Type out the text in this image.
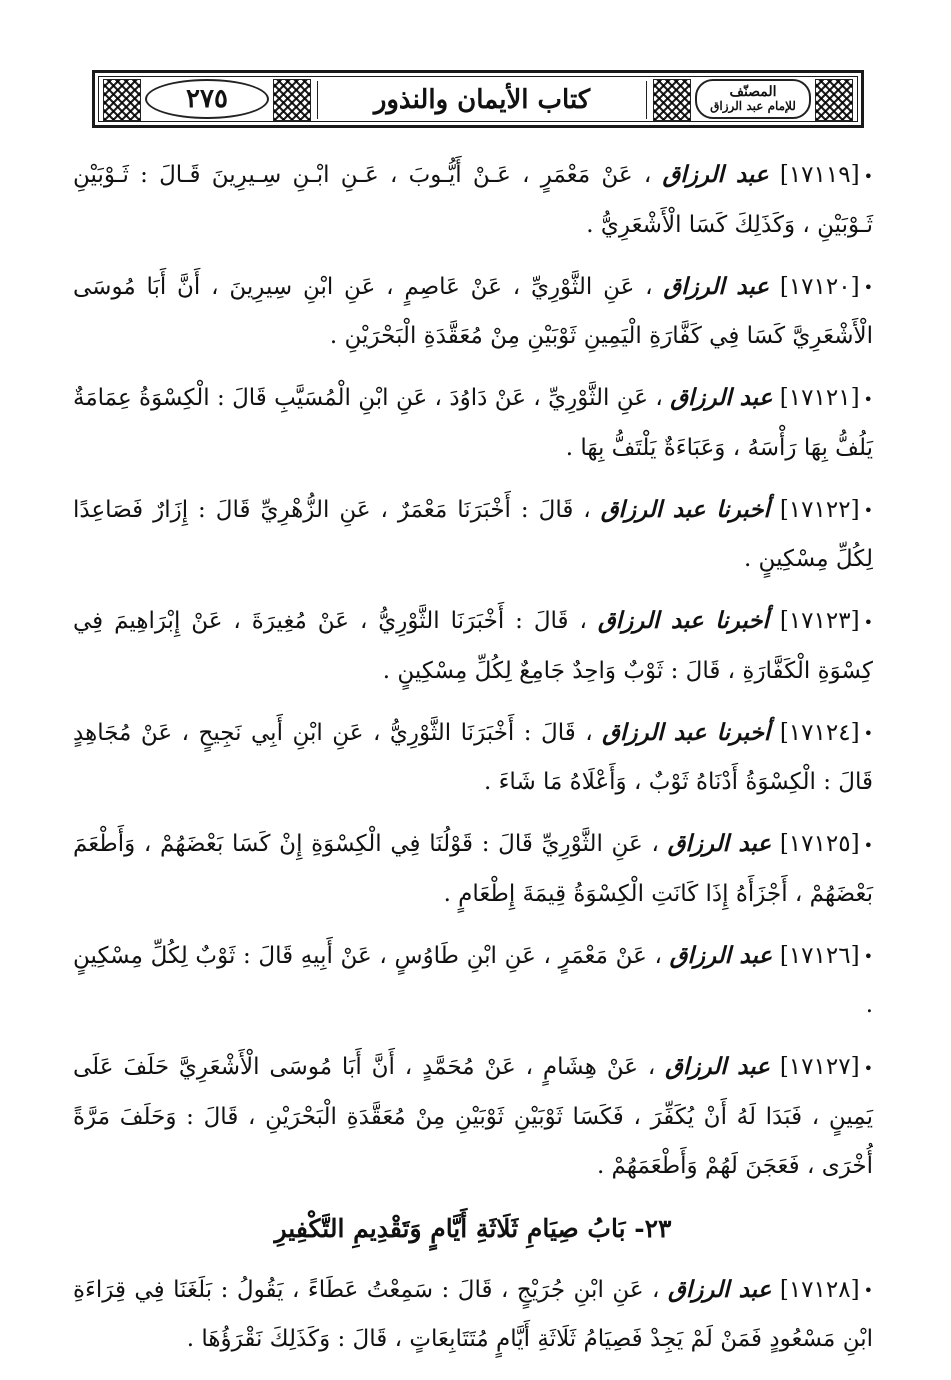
٢٧٥	كتاب الأيمان والنذور	المصنّف
للإمام عبد الرزاق

•[١٧١١٩] عبد الرزاق ، عَنْ مَعْمَرٍ ، عَـنْ أَيُّـوبَ ، عَـنِ ابْـنِ سِـيرِينَ قَـالَ : ثَـوْبَيْنِ ثَـوْبَيْنِ ، وَكَذَلِكَ كَسَا الْأَشْعَرِيُّ .

•[١٧١٢٠] عبد الرزاق ، عَنِ الثَّوْرِيِّ ، عَنْ عَاصِمٍ ، عَنِ ابْنِ سِيرِينَ ، أَنَّ أَبَا مُوسَى الْأَشْعَرِيَّ كَسَا فِي كَفَّارَةِ الْيَمِينِ ثَوْبَيْنِ مِنْ مُعَقَّدَةِ الْبَحْرَيْنِ .

•[١٧١٢١] عبد الرزاق ، عَنِ الثَّوْرِيِّ ، عَنْ دَاوُدَ ، عَنِ ابْنِ الْمُسَيَّبِ قَالَ : الْكِسْوَةُ عِمَامَةٌ يَلُفُّ بِهَا رَأْسَهُ ، وَعَبَاءَةٌ يَلْتَفُّ بِهَا .

•[١٧١٢٢] أخبرنا عبد الرزاق ، قَالَ : أَخْبَرَنَا مَعْمَرٌ ، عَنِ الزُّهْرِيِّ قَالَ : إِزَارٌ فَصَاعِدًا لِكُلِّ مِسْكِينٍ .

•[١٧١٢٣] أخبرنا عبد الرزاق ، قَالَ : أَخْبَرَنَا الثَّوْرِيُّ ، عَنْ مُغِيرَةَ ، عَنْ إِبْرَاهِيمَ فِي كِسْوَةِ الْكَفَّارَةِ ، قَالَ : ثَوْبٌ وَاحِدٌ جَامِعٌ لِكُلِّ مِسْكِينٍ .

•[١٧١٢٤] أخبرنا عبد الرزاق ، قَالَ : أَخْبَرَنَا الثَّوْرِيُّ ، عَنِ ابْنِ أَبِي نَجِيحٍ ، عَنْ مُجَاهِدٍ قَالَ : الْكِسْوَةُ أَدْنَاهُ ثَوْبٌ ، وَأَعْلَاهُ مَا شَاءَ .

•[١٧١٢٥] عبد الرزاق ، عَنِ الثَّوْرِيِّ قَالَ : قَوْلُنَا فِي الْكِسْوَةِ إِنْ كَسَا بَعْضَهُمْ ، وَأَطْعَمَ بَعْضَهُمْ ، أَجْزَأَهُ إِذَا كَانَتِ الْكِسْوَةُ قِيمَةَ إِطْعَامٍ .

•[١٧١٢٦] عبد الرزاق ، عَنْ مَعْمَرٍ ، عَنِ ابْنِ طَاوُسٍ ، عَنْ أَبِيهِ قَالَ : ثَوْبٌ لِكُلِّ مِسْكِينٍ .

•[١٧١٢٧] عبد الرزاق ، عَنْ هِشَامٍ ، عَنْ مُحَمَّدٍ ، أَنَّ أَبَا مُوسَى الْأَشْعَرِيَّ حَلَفَ عَلَى يَمِينٍ ، فَبَدَا لَهُ أَنْ يُكَفِّرَ ، فَكَسَا ثَوْبَيْنِ ثَوْبَيْنِ مِنْ مُعَقَّدَةِ الْبَحْرَيْنِ ، قَالَ : وَحَلَفَ مَرَّةً أُخْرَى ، فَعَجَنَ لَهُمْ وَأَطْعَمَهُمْ .

٢٣- بَابُ صِيَامِ ثَلَاثَةِ أَيَّامٍ وَتَقْدِيمِ التَّكْفِيرِ

•[١٧١٢٨] عبد الرزاق ، عَنِ ابْنِ جُرَيْجٍ ، قَالَ : سَمِعْتُ عَطَاءً ، يَقُولُ : بَلَغَنَا فِي قِرَاءَةِ ابْنِ مَسْعُودٍ فَمَنْ لَمْ يَجِدْ فَصِيَامُ ثَلَاثَةِ أَيَّامٍ مُتَتَابِعَاتٍ ، قَالَ : وَكَذَلِكَ نَقْرَؤُهَا .
